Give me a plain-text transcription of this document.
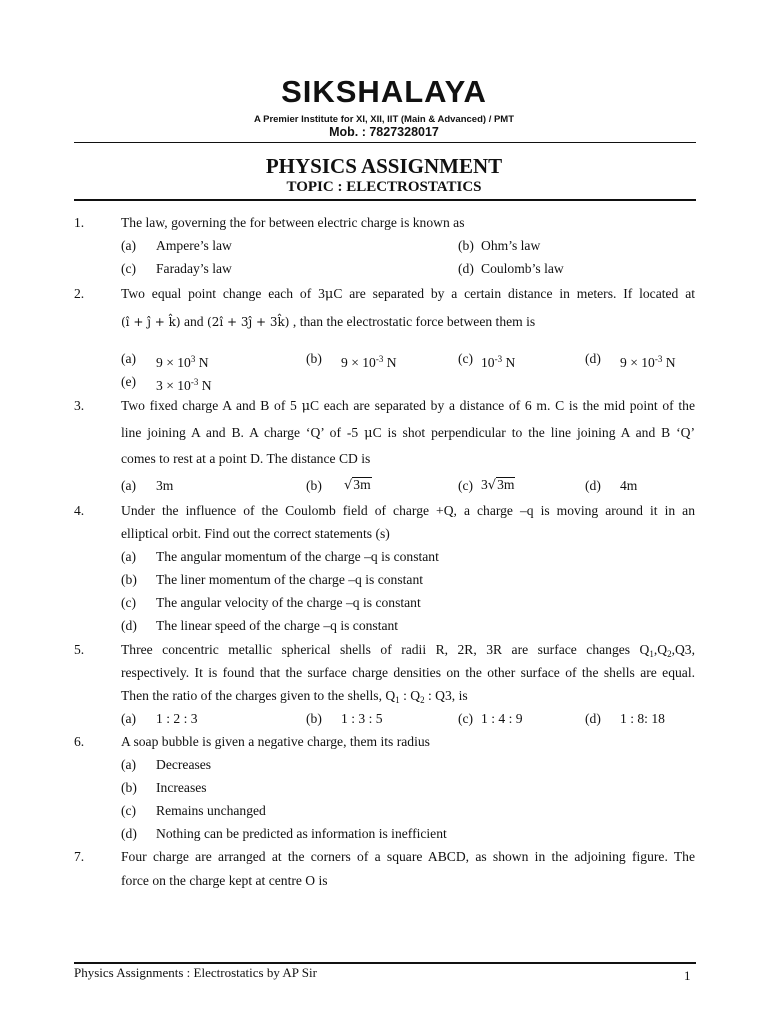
SIKSHALAYA
A Premier Institute for XI, XII, IIT (Main & Advanced) / PMT
Mob. : 7827328017
PHYSICS ASSIGNMENT
TOPIC : ELECTROSTATICS
1.	The law, governing the for between electric charge is known as
(a) Ampere’s law	(b) Ohm’s law
(c) Faraday’s law	(d) Coulomb’s law
2.	Two equal point change each of 3μC are separated by a certain distance in meters. If located at
(î + ĵ + k̂) and (2î + 3ĵ + 3k̂) , than the electrostatic force between them is
(a) $9 \times 10^3$ N	(b) $9 \times 10^{-3}$ N	(c) $10^{-3}$ N	(d) $9 \times 10^{-3}$ N
(e) $3 \times 10^{-3}$ N
3.	Two fixed charge A and B of 5 μC each are separated by a distance of 6 m. C is the mid point of the
line joining A and B. A charge ‘Q’ of -5 μC is shot perpendicular to the line joining A and B ‘Q’
comes to rest at a point D. The distance CD is
(a) 3m	(b) √3m	(c) 3√3m	(d) 4m
4.	Under the influence of the Coulomb field of charge +Q, a charge –q is moving around it in an
elliptical orbit. Find out the correct statements (s)
(a) The angular momentum of the charge –q is constant
(b) The liner momentum of the charge –q is constant
(c) The angular velocity of the charge –q is constant
(d) The linear speed of the charge –q is constant
5.	Three concentric metallic spherical shells of radii R, 2R, 3R are surface changes $Q_1,Q_2,Q3$,
respectively. It is found that the surface charge densities on the other surface of the shells are equal.
Then the ratio of the charges given to the shells, $Q_1$ : $Q_2$ : Q3, is
(a) 1 : 2 : 3	(b) 1 : 3 : 5	(c) 1 : 4 : 9	(d) 1 : 8: 18
6.	A soap bubble is given a negative charge, them its radius
(a) Decreases
(b) Increases
(c) Remains unchanged
(d) Nothing can be predicted as information is inefficient
7.	Four charge are arranged at the corners of a square ABCD, as shown in the adjoining figure. The
force on the charge kept at centre O is
Physics Assignments : Electrostatics by AP Sir	1
